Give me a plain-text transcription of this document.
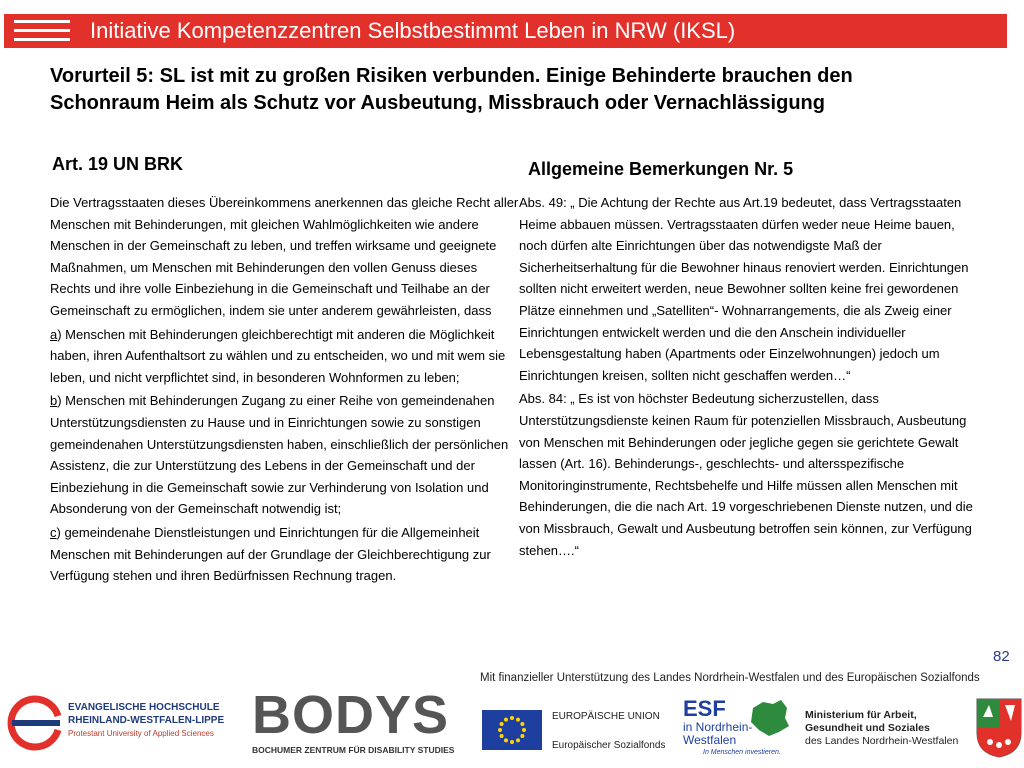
Initiative Kompetenzzentren Selbstbestimmt Leben in NRW (IKSL)
Vorurteil 5: SL ist mit zu großen Risiken verbunden. Einige Behinderte brauchen den Schonraum Heim als Schutz vor Ausbeutung, Missbrauch oder Vernachlässigung
Art. 19 UN BRK

Die Vertragsstaaten dieses Übereinkommens anerkennen das gleiche Recht aller Menschen mit Behinderungen, mit gleichen Wahlmöglichkeiten wie andere Menschen in der Gemeinschaft zu leben, und treffen wirksame und geeignete Maßnahmen, um Menschen mit Behinderungen den vollen Genuss dieses Rechts und ihre volle Einbeziehung in die Gemeinschaft und Teilhabe an der Gemeinschaft zu ermöglichen, indem sie unter anderem gewährleisten, dass

a) Menschen mit Behinderungen gleichberechtigt mit anderen die Möglichkeit haben, ihren Aufenthaltsort zu wählen und zu entscheiden, wo und mit wem sie leben, und nicht verpflichtet sind, in besonderen Wohnformen zu leben;

b) Menschen mit Behinderungen Zugang zu einer Reihe von gemeindenahen Unterstützungsdiensten zu Hause und in Einrichtungen sowie zu sonstigen gemeindenahen Unterstützungsdiensten haben, einschließlich der persönlichen Assistenz, die zur Unterstützung des Lebens in der Gemeinschaft und der Einbeziehung in die Gemeinschaft sowie zur Verhinderung von Isolation und Absonderung von der Gemeinschaft notwendig ist;

c) gemeindenahe Dienstleistungen und Einrichtungen für die Allgemeinheit Menschen mit Behinderungen auf der Grundlage der Gleichberechtigung zur Verfügung stehen und ihren Bedürfnissen Rechnung tragen.

Allgemeine Bemerkungen Nr. 5

Abs. 49: „ Die Achtung der Rechte aus Art.19 bedeutet, dass Vertragsstaaten Heime abbauen müssen. Vertragsstaaten dürfen weder neue Heime bauen, noch dürfen alte Einrichtungen über das notwendigste Maß der Sicherheitserhaltung für die Bewohner hinaus renoviert werden. Einrichtungen sollten nicht erweitert werden, neue Bewohner sollten keine frei gewordenen Plätze einnehmen und „Satelliten“- Wohnarrangements, die als Zweig einer Einrichtungen entwickelt werden und die den Anschein individueller Lebensgestaltung haben (Apartments oder Einzelwohnungen) jedoch um Einrichtungen kreisen, sollten nicht geschaffen werden…“

Abs. 84: „ Es ist von höchster Bedeutung sicherzustellen, dass Unterstützungsdienste keinen Raum für potenziellen Missbrauch, Ausbeutung von Menschen mit Behinderungen oder jegliche gegen sie gerichtete Gewalt lassen (Art. 16). Behinderungs-, geschlechts- und altersspezifische Monitoringinstrumente, Rechtsbehelfe und Hilfe müssen allen Menschen mit Behinderungen, die die nach Art. 19 vorgeschriebenen Dienste nutzen, und die von Missbrauch, Gewalt und Ausbeutung betroffen sein können, zur Verfügung stehen….“

82
Mit finanzieller Unterstützung des Landes Nordrhein-Westfalen und des Europäischen Sozialfonds
EVANGELISCHE HOCHSCHULE
RHEINLAND-WESTFALEN-LIPPE
Protestant University of Applied Sciences BODYS
BOCHUMER ZENTRUM FÜR DISABILITY STUDIES
EUROPÄISCHE UNION
Europäischer Sozialfonds
ESF
in Nordrhein-
Westfalen
In Menschen investieren.
Ministerium für Arbeit,
Gesundheit und Soziales
des Landes Nordrhein-Westfalen
